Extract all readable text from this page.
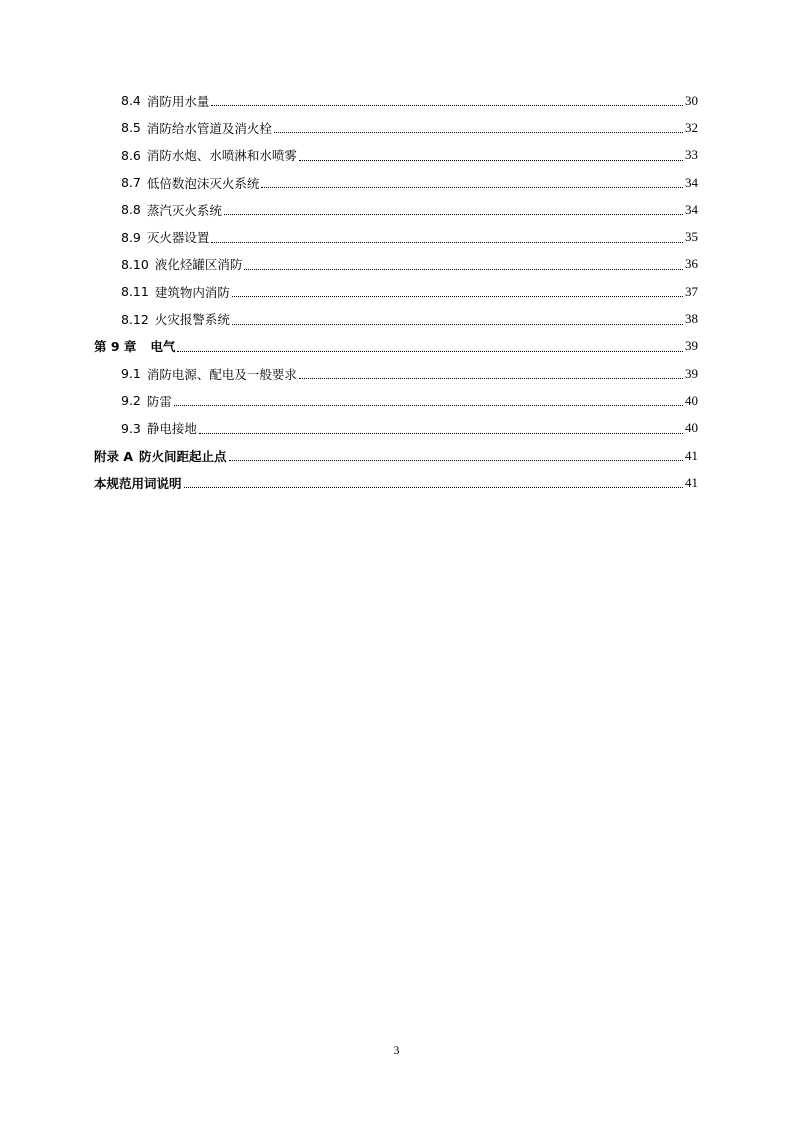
8.4 消防用水量	30
8.5 消防给水管道及消火栓	32
8.6 消防水炮、水喷淋和水喷雾	33
8.7 低倍数泡沫灭火系统	34
8.8 蒸汽灭火系统	34
8.9 灭火器设置	35
8.10 液化烃罐区消防	36
8.11 建筑物内消防	37
8.12 火灾报警系统	38
第 9 章 电气	39
9.1 消防电源、配电及一般要求	39
9.2 防雷	40
9.3 静电接地	40
附录 A 防火间距起止点	41
本规范用词说明	41
3
